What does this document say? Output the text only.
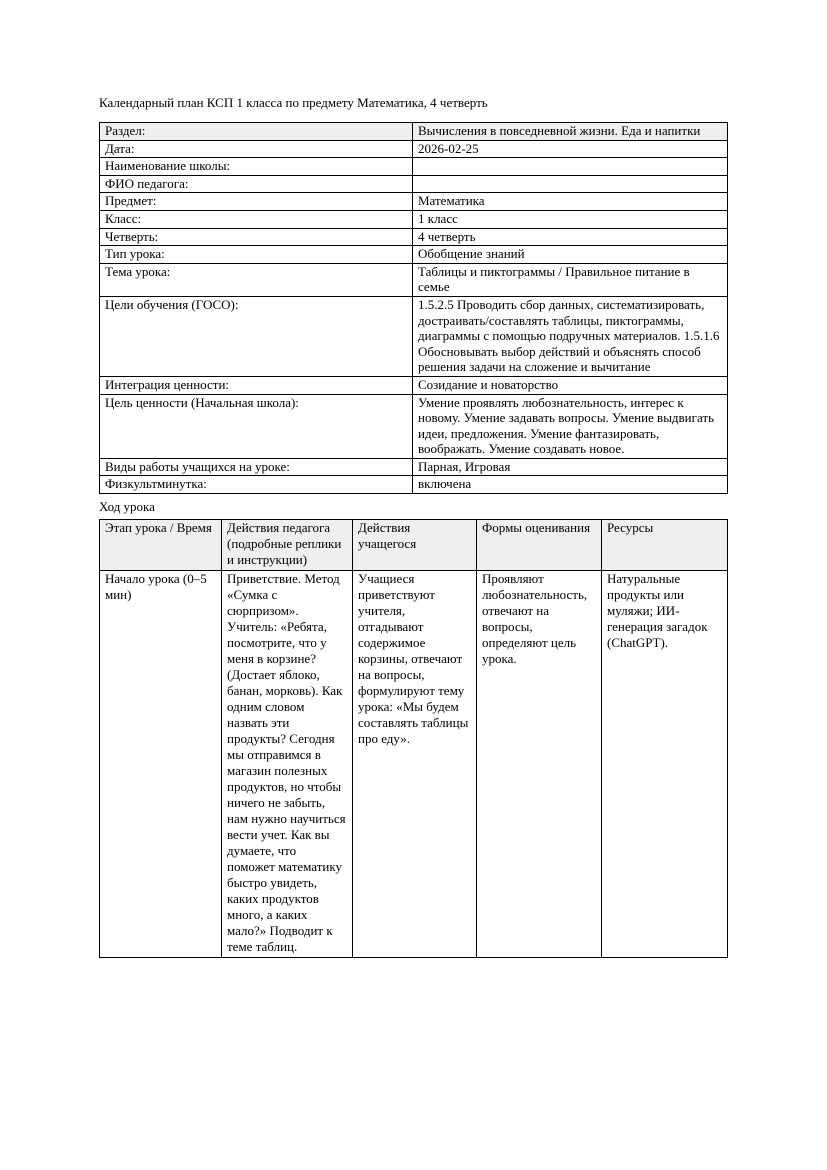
Календарный план КСП 1 класса по предмету Математика, 4 четверть

Раздел:	Вычисления в повседневной жизни. Еда и напитки
Дата:	2026-02-25
Наименование школы:	
ФИО педагога:	
Предмет:	Математика
Класс:	1 класс
Четверть:	4 четверть
Тип урока:	Обобщение знаний
Тема урока:	Таблицы и пиктограммы / Правильное питание в семье
Цели обучения (ГОСО):	1.5.2.5 Проводить сбор данных, систематизировать, достраивать/составлять таблицы, пиктограммы, диаграммы с помощью подручных материалов. 1.5.1.6 Обосновывать выбор действий и объяснять способ решения задачи на сложение и вычитание
Интеграция ценности:	Созидание и новаторство
Цель ценности (Начальная школа):	Умение проявлять любознательность, интерес к новому. Умение задавать вопросы. Умение выдвигать идеи, предложения. Умение фантазировать, воображать. Умение создавать новое.
Виды работы учащихся на уроке:	Парная, Игровая
Физкультминутка:	включена

Ход урока

Этап урока / Время	Действия педагога (подробные реплики и инструкции)	Действия учащегося	Формы оценивания	Ресурсы
Начало урока (0–5 мин)	Приветствие. Метод «Сумка с сюрпризом». Учитель: «Ребята, посмотрите, что у меня в корзине? (Достает яблоко, банан, морковь). Как одним словом назвать эти продукты? Сегодня мы отправимся в магазин полезных продуктов, но чтобы ничего не забыть, нам нужно научиться вести учет. Как вы думаете, что поможет математику быстро увидеть, каких продуктов много, а каких мало?» Подводит к теме таблиц.	Учащиеся приветствуют учителя, отгадывают содержимое корзины, отвечают на вопросы, формулируют тему урока: «Мы будем составлять таблицы про еду».	Проявляют любознательность, отвечают на вопросы, определяют цель урока.	Натуральные продукты или муляжи; ИИ-генерация загадок (ChatGPT).
